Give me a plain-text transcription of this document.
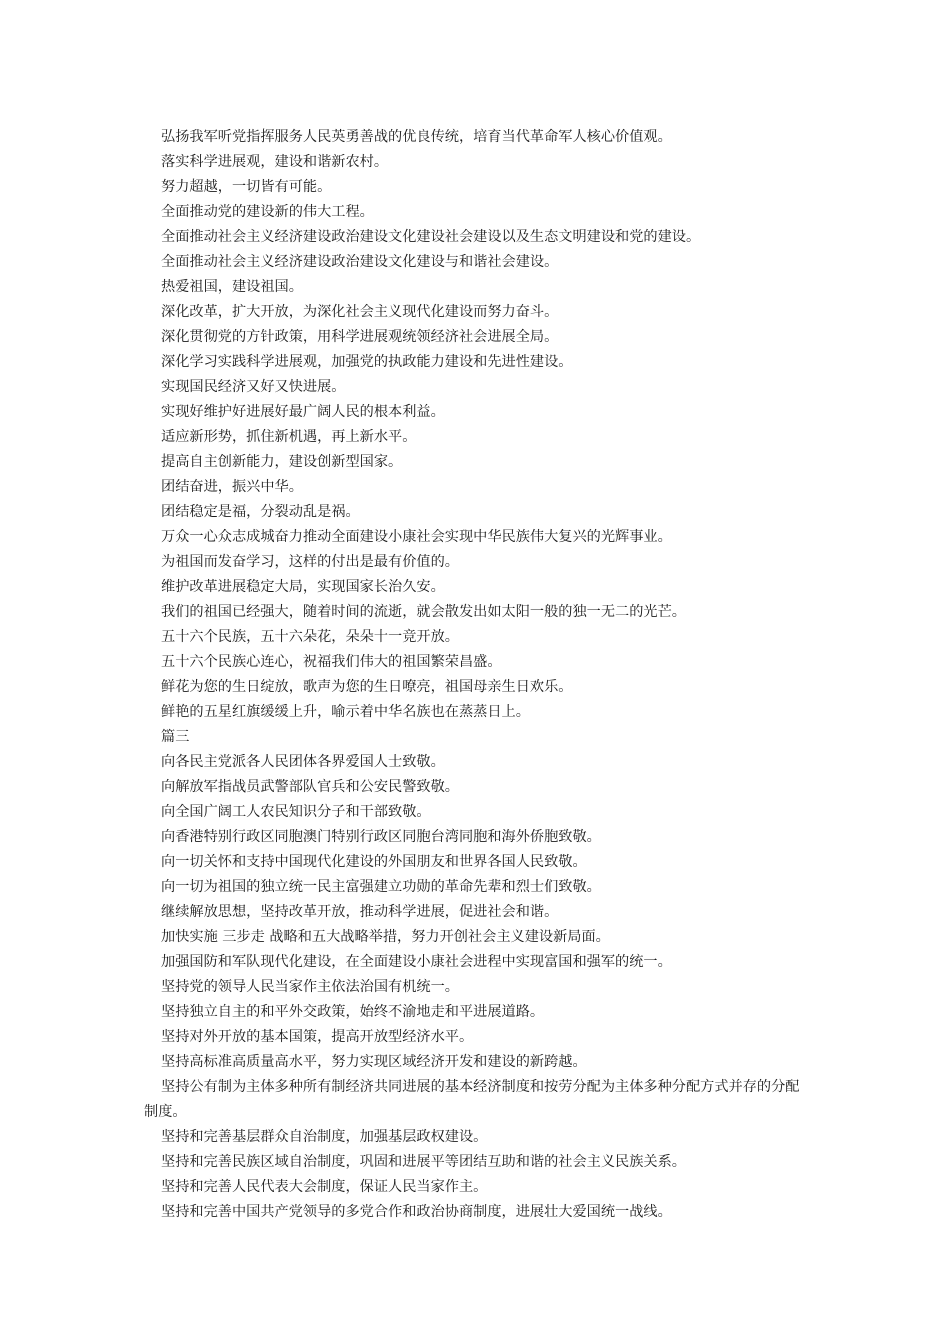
弘扬我军听党指挥服务人民英勇善战的优良传统，培育当代革命军人核心价值观。

落实科学进展观，建设和谐新农村。

努力超越，一切皆有可能。

全面推动党的建设新的伟大工程。

全面推动社会主义经济建设政治建设文化建设社会建设以及生态文明建设和党的建设。

全面推动社会主义经济建设政治建设文化建设与和谐社会建设。

热爱祖国，建设祖国。

深化改革，扩大开放，为深化社会主义现代化建设而努力奋斗。

深化贯彻党的方针政策，用科学进展观统领经济社会进展全局。

深化学习实践科学进展观，加强党的执政能力建设和先进性建设。

实现国民经济又好又快进展。

实现好维护好进展好最广阔人民的根本利益。

适应新形势，抓住新机遇，再上新水平。

提高自主创新能力，建设创新型国家。

团结奋进，振兴中华。

团结稳定是福，分裂动乱是祸。

万众一心众志成城奋力推动全面建设小康社会实现中华民族伟大复兴的光辉事业。

为祖国而发奋学习，这样的付出是最有价值的。

维护改革进展稳定大局，实现国家长治久安。

我们的祖国已经强大，随着时间的流逝，就会散发出如太阳一般的独一无二的光芒。

五十六个民族，五十六朵花，朵朵十一竞开放。

五十六个民族心连心，祝福我们伟大的祖国繁荣昌盛。

鲜花为您的生日绽放，歌声为您的生日嘹亮，祖国母亲生日欢乐。

鲜艳的五星红旗缓缓上升，喻示着中华名族也在蒸蒸日上。

篇三

向各民主党派各人民团体各界爱国人士致敬。

向解放军指战员武警部队官兵和公安民警致敬。

向全国广阔工人农民知识分子和干部致敬。

向香港特别行政区同胞澳门特别行政区同胞台湾同胞和海外侨胞致敬。

向一切关怀和支持中国现代化建设的外国朋友和世界各国人民致敬。

向一切为祖国的独立统一民主富强建立功勋的革命先辈和烈士们致敬。

继续解放思想，坚持改革开放，推动科学进展，促进社会和谐。

加快实施 三步走 战略和五大战略举措，努力开创社会主义建设新局面。

加强国防和军队现代化建设，在全面建设小康社会进程中实现富国和强军的统一。

坚持党的领导人民当家作主依法治国有机统一。

坚持独立自主的和平外交政策，始终不渝地走和平进展道路。

坚持对外开放的基本国策，提高开放型经济水平。

坚持高标准高质量高水平，努力实现区域经济开发和建设的新跨越。

坚持公有制为主体多种所有制经济共同进展的基本经济制度和按劳分配为主体多种分配方式并存的分配制度。

坚持和完善基层群众自治制度，加强基层政权建设。

坚持和完善民族区域自治制度，巩固和进展平等团结互助和谐的社会主义民族关系。

坚持和完善人民代表大会制度，保证人民当家作主。

坚持和完善中国共产党领导的多党合作和政治协商制度，进展壮大爱国统一战线。
